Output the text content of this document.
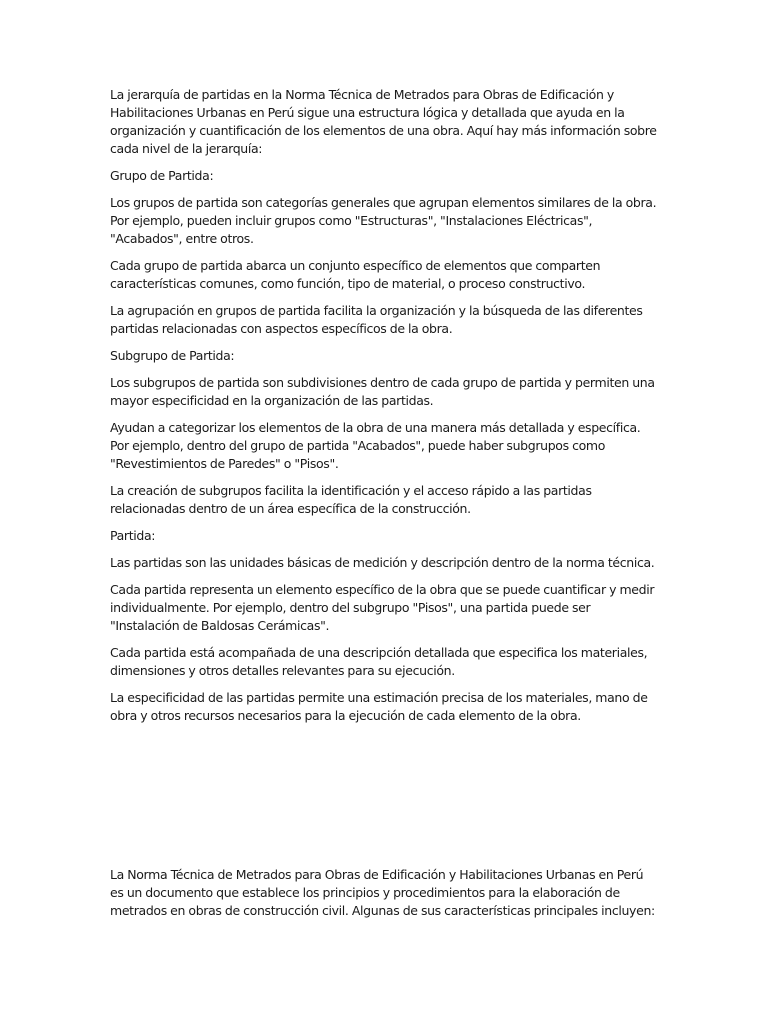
La jerarquía de partidas en la Norma Técnica de Metrados para Obras de Edificación y Habilitaciones Urbanas en Perú sigue una estructura lógica y detallada que ayuda en la organización y cuantificación de los elementos de una obra. Aquí hay más información sobre cada nivel de la jerarquía:

Grupo de Partida:

Los grupos de partida son categorías generales que agrupan elementos similares de la obra. Por ejemplo, pueden incluir grupos como "Estructuras", "Instalaciones Eléctricas", "Acabados", entre otros.

Cada grupo de partida abarca un conjunto específico de elementos que comparten características comunes, como función, tipo de material, o proceso constructivo.

La agrupación en grupos de partida facilita la organización y la búsqueda de las diferentes partidas relacionadas con aspectos específicos de la obra.

Subgrupo de Partida:

Los subgrupos de partida son subdivisiones dentro de cada grupo de partida y permiten una mayor especificidad en la organización de las partidas.

Ayudan a categorizar los elementos de la obra de una manera más detallada y específica. Por ejemplo, dentro del grupo de partida "Acabados", puede haber subgrupos como "Revestimientos de Paredes" o "Pisos".

La creación de subgrupos facilita la identificación y el acceso rápido a las partidas relacionadas dentro de un área específica de la construcción.

Partida:

Las partidas son las unidades básicas de medición y descripción dentro de la norma técnica.

Cada partida representa un elemento específico de la obra que se puede cuantificar y medir individualmente. Por ejemplo, dentro del subgrupo "Pisos", una partida puede ser "Instalación de Baldosas Cerámicas".

Cada partida está acompañada de una descripción detallada que especifica los materiales, dimensiones y otros detalles relevantes para su ejecución.

La especificidad de las partidas permite una estimación precisa de los materiales, mano de obra y otros recursos necesarios para la ejecución de cada elemento de la obra.

La Norma Técnica de Metrados para Obras de Edificación y Habilitaciones Urbanas en Perú es un documento que establece los principios y procedimientos para la elaboración de metrados en obras de construcción civil. Algunas de sus características principales incluyen:
